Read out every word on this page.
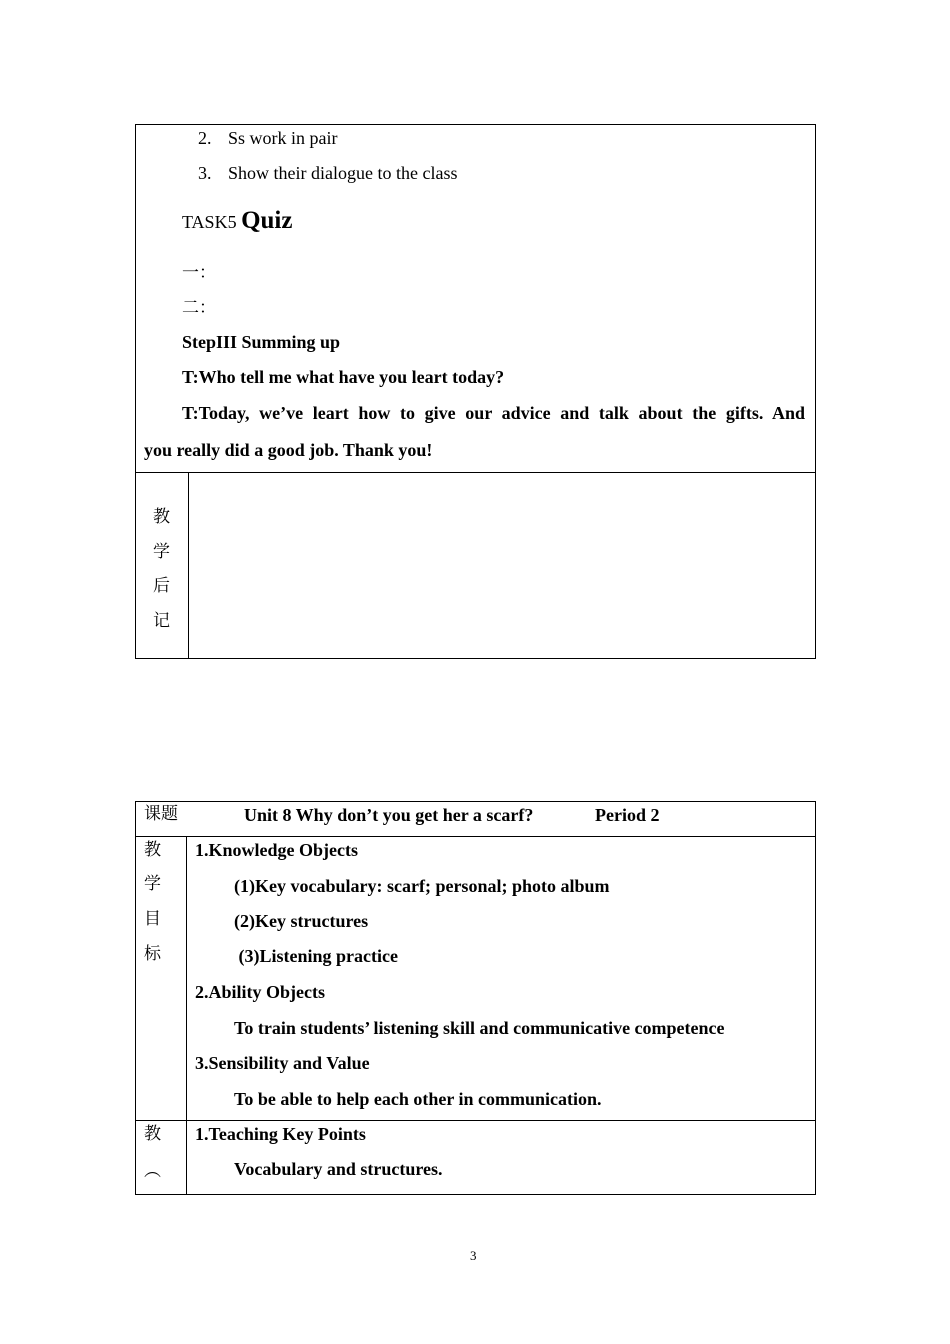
2. Ss work in pair
3. Show their dialogue to the class
TASK5 Quiz
一：
二：
StepIII Summing up
T:Who tell me what have you leart today?
T:Today, we’ve leart how to give our advice and talk about the gifts. And
you really did a good job. Thank you!
教
学
后
记
课题	Unit 8 Why don’t you get her a scarf?	Period 2
教
学
目
标
1.Knowledge Objects
(1)Key vocabulary: scarf; personal; photo album
(2)Key structures
(3)Listening practice
2.Ability Objects
To train students’ listening skill and communicative competence
3.Sensibility and Value
To be able to help each other in communication.
教
︵
1.Teaching Key Points
Vocabulary and structures.
3
